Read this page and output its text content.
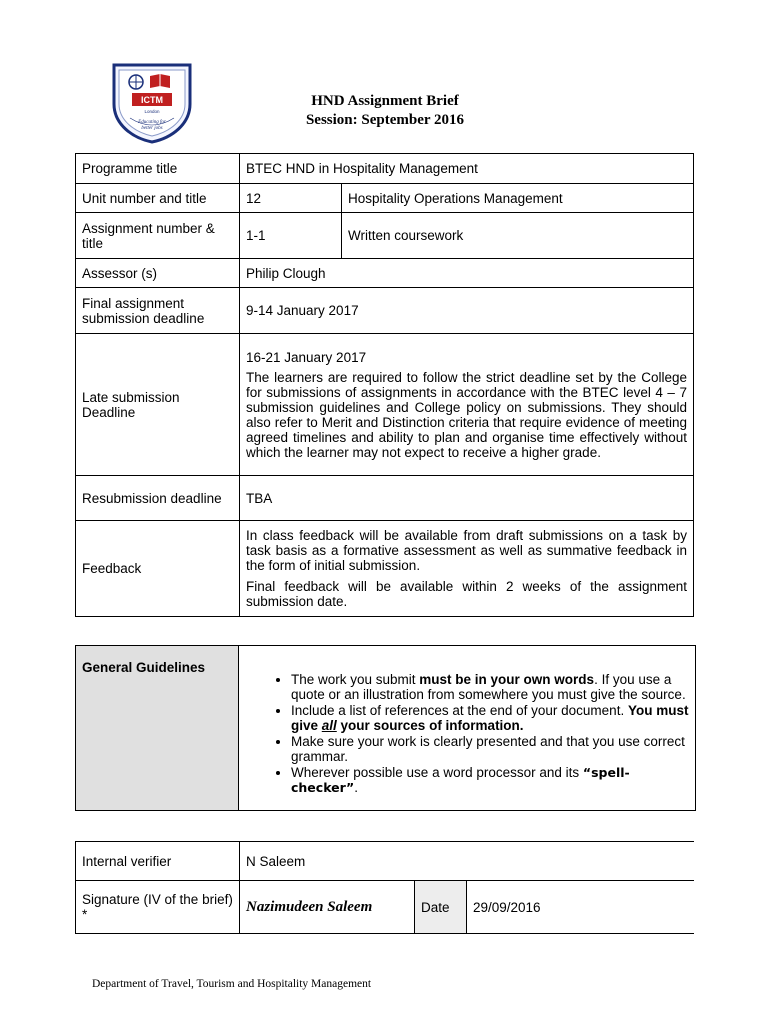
ICTM
London
Educating for
better jobs
HND Assignment Brief
Session: September 2016
Programme title	BTEC HND in Hospitality Management	
Unit number and title	12	Hospitality Operations Management
Assignment number & title	1-1	Written coursework
Assessor (s)	Philip Clough	
Final assignment submission deadline	9-14 January 2017	
Late submission Deadline	16-21 January 2017

The learners are required to follow the strict deadline set by the College for submissions of assignments in accordance with the BTEC level 4 – 7 submission guidelines and College policy on submissions. They should also refer to Merit and Distinction criteria that require evidence of meeting agreed timelines and ability to plan and organise time effectively without which the learner may not expect to receive a higher grade.	

Resubmission deadline	TBA	
Feedback	In class feedback will be available from draft submissions on a task by task basis as a formative assessment as well as summative feedback in the form of initial submission.

Final feedback will be available within 2 weeks of the assignment submission date.	

General Guidelines	
• The work you submit must be in your own words. If you use a quote or an illustration from somewhere you must give the source.
• Include a list of references at the end of your document. You must give all your sources of information.
• Make sure your work is clearly presented and that you use correct grammar.
• Wherever possible use a word processor and its “spell-checker”.
Internal verifier	N Saleem		
Signature (IV of the brief) *	Nazimudeen Saleem	Date	29/09/2016
Department of Travel, Tourism and Hospitality Management
